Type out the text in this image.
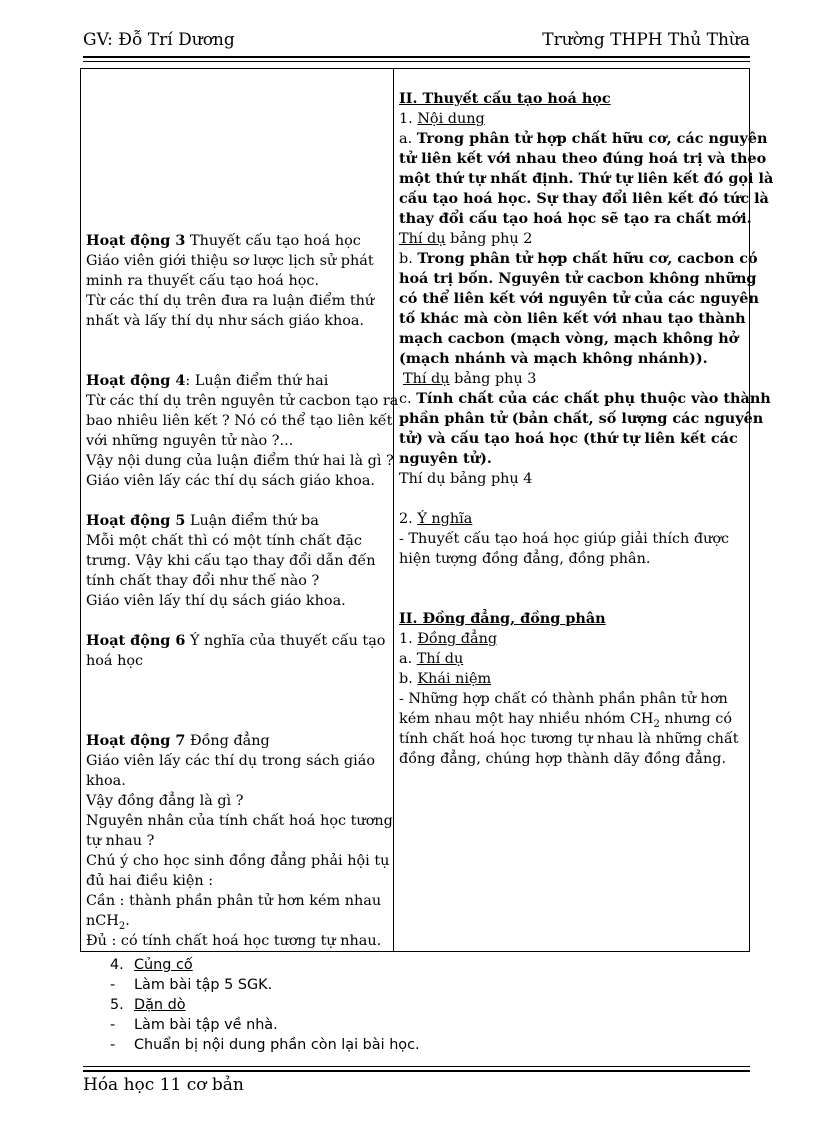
GV: Đỗ Trí Dương	Trường THPH Thủ Thừa
Hoạt động 3 Thuyết cấu tạo hoá học
Giáo viên giới thiệu sơ lược lịch sử phát
minh ra thuyết cấu tạo hoá học.
Từ các thí dụ trên đưa ra luận điểm thứ
nhất và lấy thí dụ như sách giáo khoa.
Hoạt động 4: Luận điểm thứ hai
Từ các thí dụ trên nguyên tử cacbon tạo ra
bao nhiêu liên kết ? Nó có thể tạo liên kết
với những nguyên tử nào ?...
Vậy nội dung của luận điểm thứ hai là gì ?
Giáo viên lấy các thí dụ sách giáo khoa.
Hoạt động 5 Luận điểm thứ ba
Mỗi một chất thì có một tính chất đặc
trưng. Vậy khi cấu tạo thay đổi dẫn đến
tính chất thay đổi như thế nào ?
Giáo viên lấy thí dụ sách giáo khoa.
Hoạt động 6 Ý nghĩa của thuyết cấu tạo
hoá học
Hoạt động 7 Đồng đẳng
Giáo viên lấy các thí dụ trong sách giáo
khoa.
Vậy đồng đẳng là gì ?
Nguyên nhân của tính chất hoá học tương
tự nhau ?
Chú ý cho học sinh đồng đẳng phải hội tụ
đủ hai điều kiện :
Cần : thành phần phân tử hơn kém nhau
nCH$_2$.
Đủ : có tính chất hoá học tương tự nhau.
II. Thuyết cấu tạo hoá học
1. Nội dung
a. Trong phân tử hợp chất hữu cơ, các nguyên
tử liên kết với nhau theo đúng hoá trị và theo
một thứ tự nhất định. Thứ tự liên kết đó gọi là
cấu tạo hoá học. Sự thay đổi liên kết đó tức là
thay đổi cấu tạo hoá học sẽ tạo ra chất mới.
Thí dụ bảng phụ 2
b. Trong phân tử hợp chất hữu cơ, cacbon có
hoá trị bốn. Nguyên tử cacbon không những
có thể liên kết với nguyên tử của các nguyên
tố khác mà còn liên kết với nhau tạo thành
mạch cacbon (mạch vòng, mạch không hở
(mạch nhánh và mạch không nhánh)).
Thí dụ bảng phụ 3
c. Tính chất của các chất phụ thuộc vào thành
phần phân tử (bản chất, số lượng các nguyên
tử) và cấu tạo hoá học (thứ tự liên kết các
nguyên tử).
Thí dụ bảng phụ 4
2. Ý nghĩa
- Thuyết cấu tạo hoá học giúp giải thích được
hiện tượng đồng đẳng, đồng phân.
II. Đồng đẳng, đồng phân
1. Đồng đẳng
a. Thí dụ
b. Khái niệm
- Những hợp chất có thành phần phân tử hơn
kém nhau một hay nhiều nhóm $CH_2$ nhưng có
tính chất hoá học tương tự nhau là những chất
đồng đẳng, chúng hợp thành dãy đồng đẳng.
4. Củng cố
- Làm bài tập 5 SGK.
5. Dặn dò
- Làm bài tập về nhà.
- Chuẩn bị nội dung phần còn lại bài học.
Hóa học 11 cơ bản
